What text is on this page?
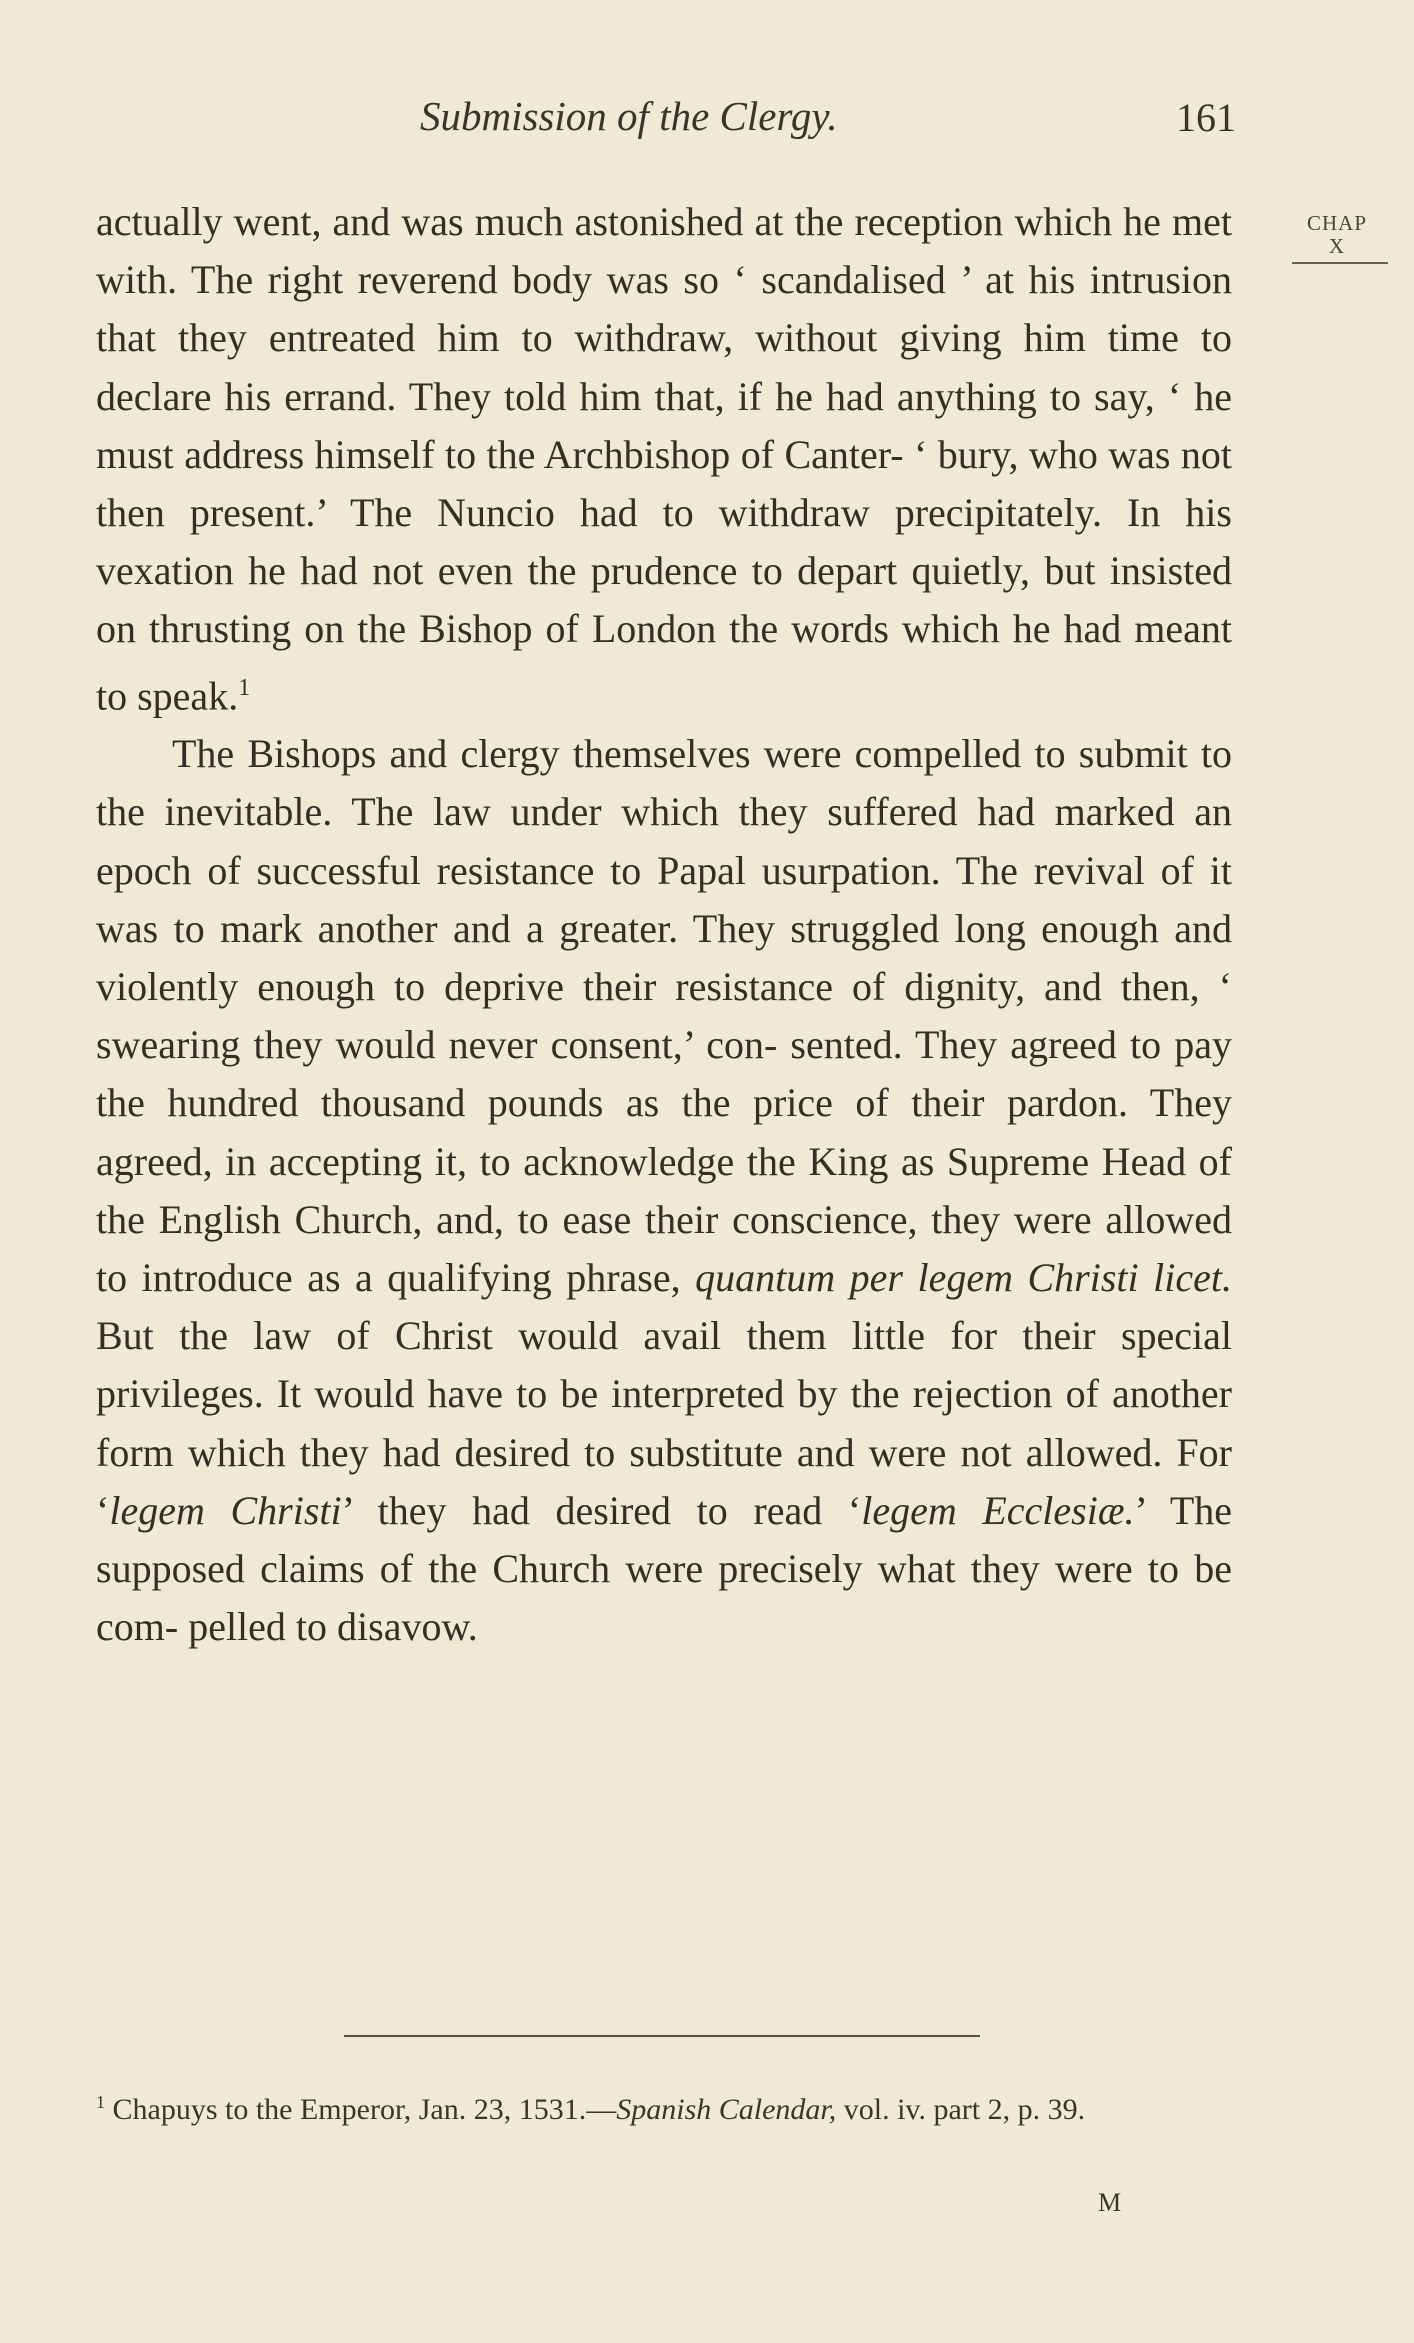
Submission of the Clergy.	161
CHAP
X

actually went, and was much astonished at the reception which he met with. The right reverend body was so ‘ scandalised ’ at his intrusion that they entreated him to withdraw, without giving him time to declare his errand. They told him that, if he had anything to say, ‘ he must address himself to the Archbishop of Canter- ‘ bury, who was not then present.’ The Nuncio had to withdraw precipitately. In his vexation he had not even the prudence to depart quietly, but insisted on thrusting on the Bishop of London the words which he had meant to speak.$^1$

The Bishops and clergy themselves were compelled to submit to the inevitable. The law under which they suffered had marked an epoch of successful resistance to Papal usurpation. The revival of it was to mark another and a greater. They struggled long enough and violently enough to deprive their resistance of dignity, and then, ‘ swearing they would never consent,’ con- sented. They agreed to pay the hundred thousand pounds as the price of their pardon. They agreed, in accepting it, to acknowledge the King as Supreme Head of the English Church, and, to ease their conscience, they were allowed to introduce as a qualifying phrase, quantum per legem Christi licet. But the law of Christ would avail them little for their special privileges. It would have to be interpreted by the rejection of another form which they had desired to substitute and were not allowed. For ‘legem Christi’ they had desired to read ‘legem Ecclesiæ.’ The supposed claims of the Church were precisely what they were to be com- pelled to disavow.

$^1$ Chapuys to the Emperor, Jan. 23, 1531.—Spanish Calendar, vol. iv. part 2, p. 39.
M
